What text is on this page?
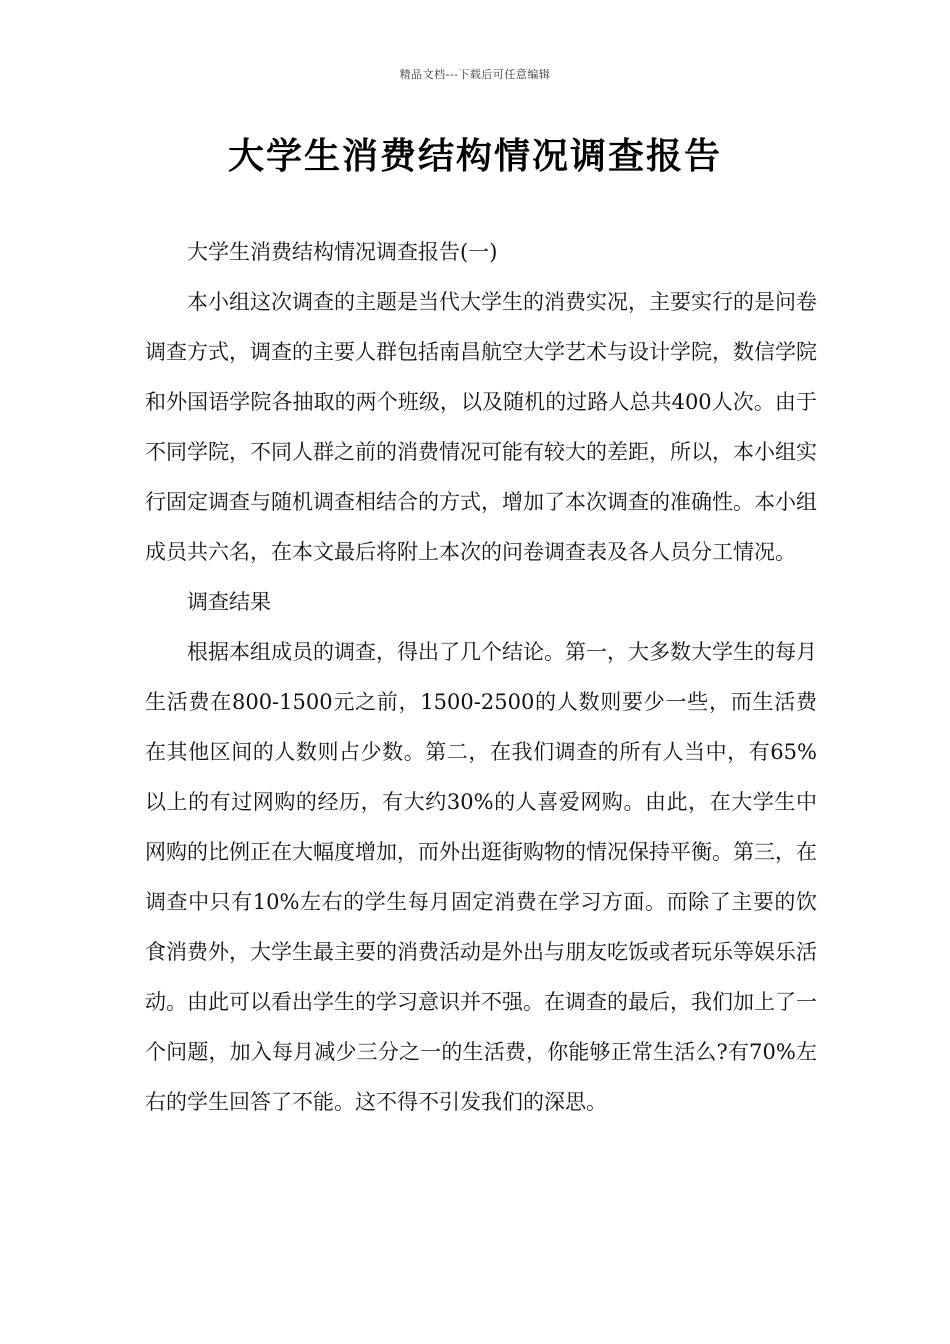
精品文档---下载后可任意编辑
大学生消费结构情况调查报告

大学生消费结构情况调查报告(一)

本小组这次调查的主题是当代大学生的消费实况，主要实行的是问卷调查方式，调查的主要人群包括南昌航空大学艺术与设计学院，数信学院和外国语学院各抽取的两个班级，以及随机的过路人总共400人次。由于不同学院，不同人群之前的消费情况可能有较大的差距，所以，本小组实行固定调查与随机调查相结合的方式，增加了本次调查的准确性。本小组成员共六名，在本文最后将附上本次的问卷调查表及各人员分工情况。

调查结果

根据本组成员的调查，得出了几个结论。第一，大多数大学生的每月生活费在800-1500元之前，1500-2500的人数则要少一些，而生活费在其他区间的人数则占少数。第二，在我们调查的所有人当中，有65%以上的有过网购的经历，有大约30%的人喜爱网购。由此，在大学生中网购的比例正在大幅度增加，而外出逛街购物的情况保持平衡。第三，在调查中只有10%左右的学生每月固定消费在学习方面。而除了主要的饮食消费外，大学生最主要的消费活动是外出与朋友吃饭或者玩乐等娱乐活动。由此可以看出学生的学习意识并不强。在调查的最后，我们加上了一个问题，加入每月减少三分之一的生活费，你能够正常生活么?有70%左右的学生回答了不能。这不得不引发我们的深思。
